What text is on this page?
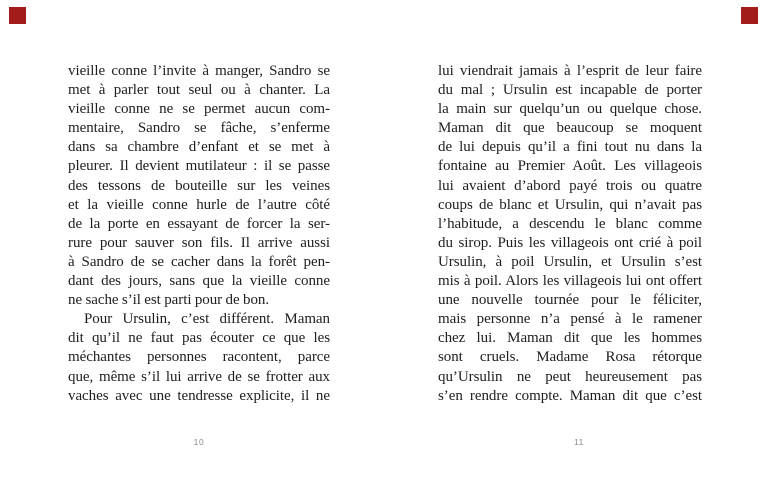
vieille conne l’invite à manger, Sandro se
met à parler tout seul ou à chanter. La
vieille conne ne se permet aucun com-
mentaire, Sandro se fâche, s’enferme
dans sa chambre d’enfant et se met à
pleurer. Il devient mutilateur : il se passe
des tessons de bouteille sur les veines
et la vieille conne hurle de l’autre côté
de la porte en essayant de forcer la ser-
rure pour sauver son fils. Il arrive aussi
à Sandro de se cacher dans la forêt pen-
dant des jours, sans que la vieille conne
ne sache s’il est parti pour de bon.
Pour Ursulin, c’est différent. Maman
dit qu’il ne faut pas écouter ce que les
méchantes personnes racontent, parce
que, même s’il lui arrive de se frotter aux
vaches avec une tendresse explicite, il ne
10
lui viendrait jamais à l’esprit de leur faire
du mal ; Ursulin est incapable de porter
la main sur quelqu’un ou quelque chose.
Maman dit que beaucoup se moquent
de lui depuis qu’il a fini tout nu dans la
fontaine au Premier Août. Les villageois
lui avaient d’abord payé trois ou quatre
coups de blanc et Ursulin, qui n’avait pas
l’habitude, a descendu le blanc comme
du sirop. Puis les villageois ont crié à poil
Ursulin, à poil Ursulin, et Ursulin s’est
mis à poil. Alors les villageois lui ont offert
une nouvelle tournée pour le féliciter,
mais personne n’a pensé à le ramener
chez lui. Maman dit que les hommes
sont cruels. Madame Rosa rétorque
qu’Ursulin ne peut heureusement pas
s’en rendre compte. Maman dit que c’est
11
